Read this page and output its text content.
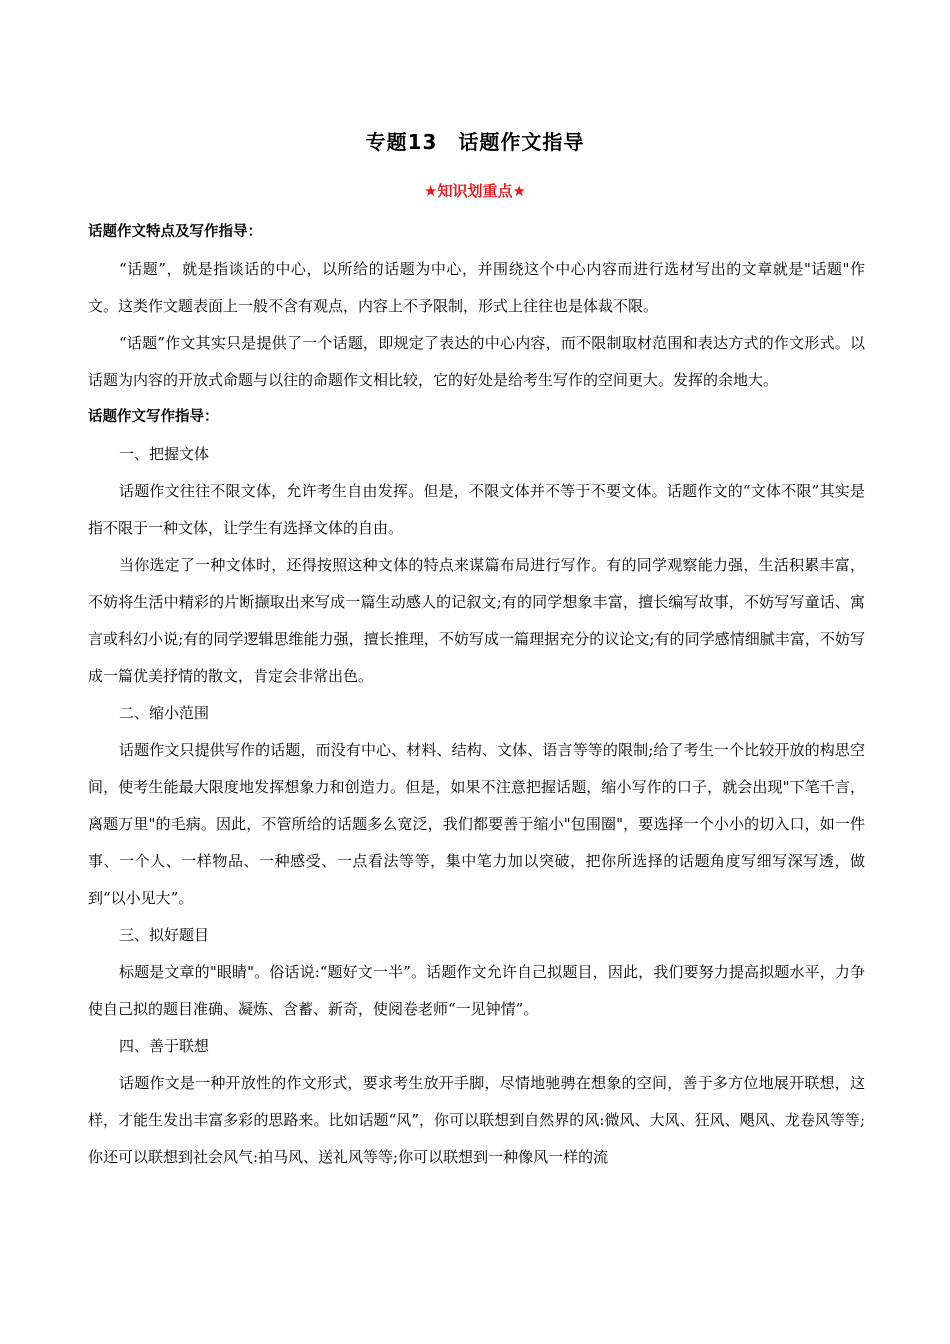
专题13　话题作文指导
★知识划重点★

话题作文特点及写作指导：

“话题”，就是指谈话的中心，以所给的话题为中心，并围绕这个中心内容而进行选材写出的文章就是"话题"作文。这类作文题表面上一般不含有观点，内容上不予限制，形式上往往也是体裁不限。

“话题”作文其实只是提供了一个话题，即规定了表达的中心内容，而不限制取材范围和表达方式的作文形式。以话题为内容的开放式命题与以往的命题作文相比较，它的好处是给考生写作的空间更大。发挥的余地大。

话题作文写作指导：

一、把握文体

话题作文往往不限文体，允许考生自由发挥。但是，不限文体并不等于不要文体。话题作文的“文体不限”其实是指不限于一种文体，让学生有选择文体的自由。

当你选定了一种文体时，还得按照这种文体的特点来谋篇布局进行写作。有的同学观察能力强，生活积累丰富，不妨将生活中精彩的片断撷取出来写成一篇生动感人的记叙文;有的同学想象丰富，擅长编写故事，不妨写写童话、寓言或科幻小说;有的同学逻辑思维能力强，擅长推理，不妨写成一篇理据充分的议论文;有的同学感情细腻丰富，不妨写成一篇优美抒情的散文，肯定会非常出色。

二、缩小范围

话题作文只提供写作的话题，而没有中心、材料、结构、文体、语言等等的限制;给了考生一个比较开放的构思空间，使考生能最大限度地发挥想象力和创造力。但是，如果不注意把握话题，缩小写作的口子，就会出现"下笔千言，离题万里"的毛病。因此，不管所给的话题多么宽泛，我们都要善于缩小"包围圈"，要选择一个小小的切入口，如一件事、一个人、一样物品、一种感受、一点看法等等，集中笔力加以突破，把你所选择的话题角度写细写深写透，做到“以小见大”。

三、拟好题目

标题是文章的"眼睛"。俗话说:“题好文一半”。话题作文允许自己拟题目，因此，我们要努力提高拟题水平，力争使自己拟的题目准确、凝炼、含蓄、新奇，使阅卷老师“一见钟情”。

四、善于联想

话题作文是一种开放性的作文形式，要求考生放开手脚，尽情地驰骋在想象的空间，善于多方位地展开联想，这样，才能生发出丰富多彩的思路来。比如话题“风”，你可以联想到自然界的风:微风、大风、狂风、飓风、龙卷风等等;你还可以联想到社会风气:拍马风、送礼风等等;你可以联想到一种像风一样的流
